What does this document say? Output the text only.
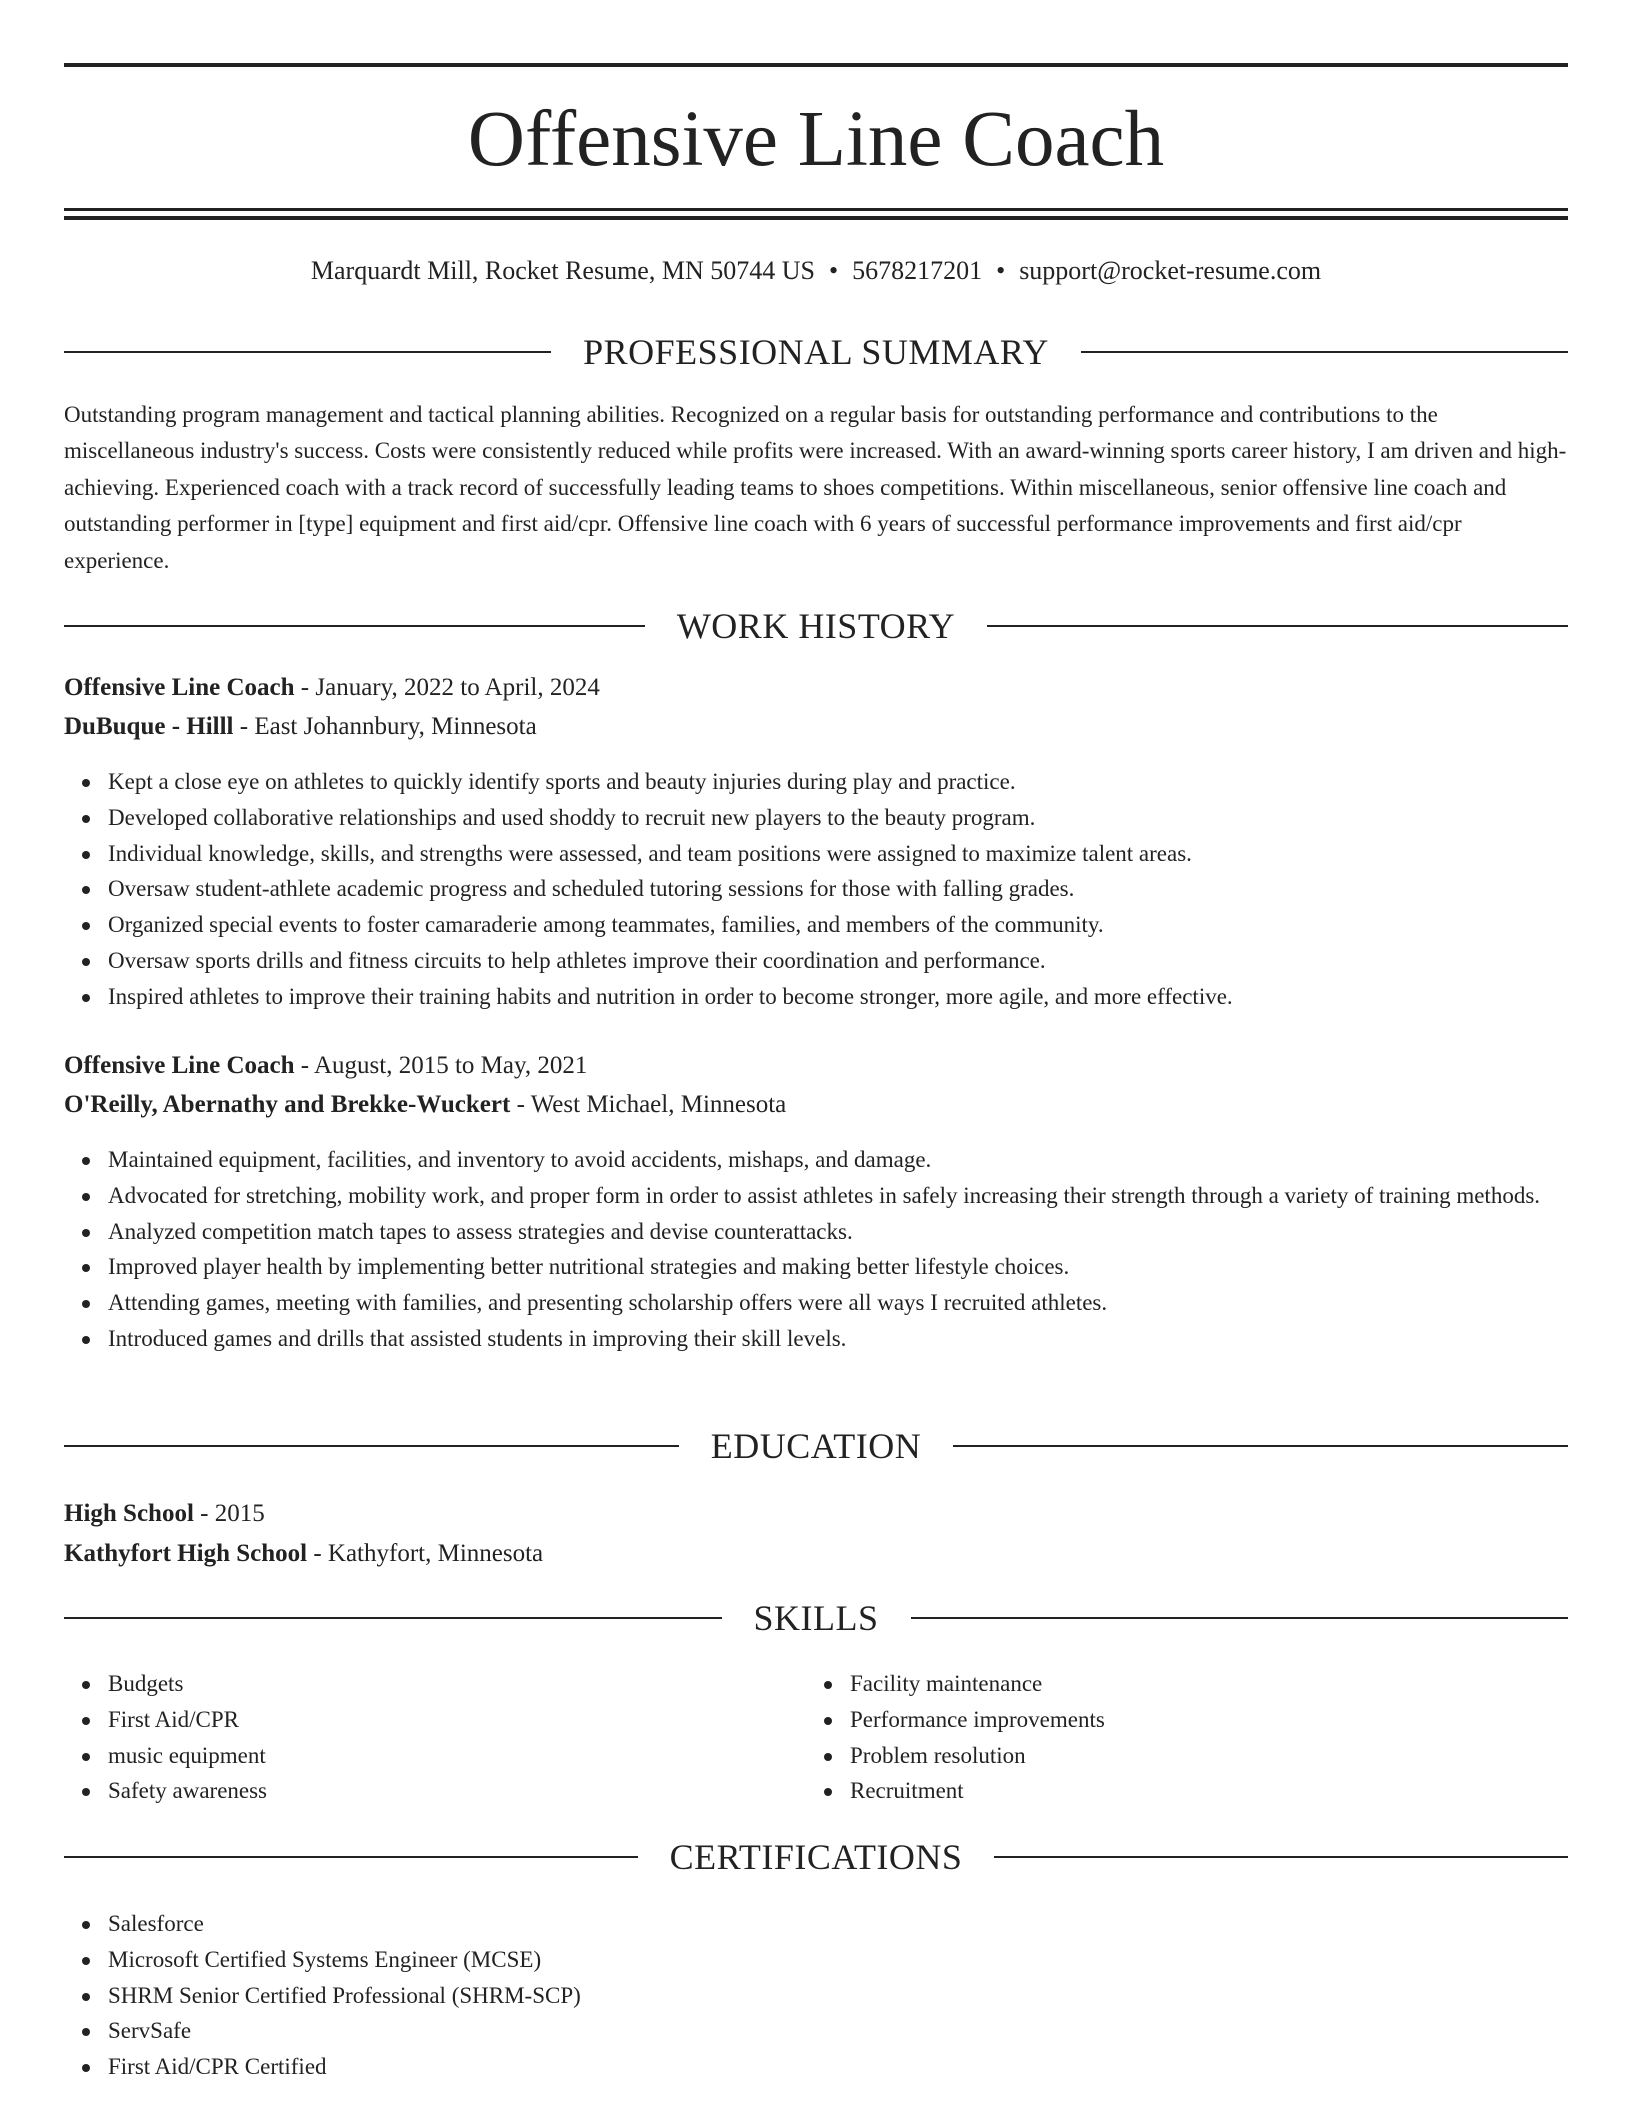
Offensive Line Coach
Marquardt Mill, Rocket Resume, MN 50744 US • 5678217201 • support@rocket-resume.com
PROFESSIONAL SUMMARY

Outstanding program management and tactical planning abilities. Recognized on a regular basis for outstanding performance and contributions to the miscellaneous industry's success. Costs were consistently reduced while profits were increased. With an award-winning sports career history, I am driven and high-achieving. Experienced coach with a track record of successfully leading teams to shoes competitions. Within miscellaneous, senior offensive line coach and outstanding performer in [type] equipment and first aid/cpr. Offensive line coach with 6 years of successful performance improvements and first aid/cpr experience.

WORK HISTORY
Offensive Line Coach - January, 2022 to April, 2024
DuBuque - Hilll - East Johannbury, Minnesota
Kept a close eye on athletes to quickly identify sports and beauty injuries during play and practice.
Developed collaborative relationships and used shoddy to recruit new players to the beauty program.
Individual knowledge, skills, and strengths were assessed, and team positions were assigned to maximize talent areas.
Oversaw student-athlete academic progress and scheduled tutoring sessions for those with falling grades.
Organized special events to foster camaraderie among teammates, families, and members of the community.
Oversaw sports drills and fitness circuits to help athletes improve their coordination and performance.
Inspired athletes to improve their training habits and nutrition in order to become stronger, more agile, and more effective.
Offensive Line Coach - August, 2015 to May, 2021
O'Reilly, Abernathy and Brekke-Wuckert - West Michael, Minnesota
Maintained equipment, facilities, and inventory to avoid accidents, mishaps, and damage.
Advocated for stretching, mobility work, and proper form in order to assist athletes in safely increasing their strength through a variety of training methods.
Analyzed competition match tapes to assess strategies and devise counterattacks.
Improved player health by implementing better nutritional strategies and making better lifestyle choices.
Attending games, meeting with families, and presenting scholarship offers were all ways I recruited athletes.
Introduced games and drills that assisted students in improving their skill levels.
EDUCATION
High School - 2015
Kathyfort High School - Kathyfort, Minnesota
SKILLS
Budgets
First Aid/CPR
music equipment
Safety awareness
Facility maintenance
Performance improvements
Problem resolution
Recruitment
CERTIFICATIONS
Salesforce
Microsoft Certified Systems Engineer (MCSE)
SHRM Senior Certified Professional (SHRM-SCP)
ServSafe
First Aid/CPR Certified
